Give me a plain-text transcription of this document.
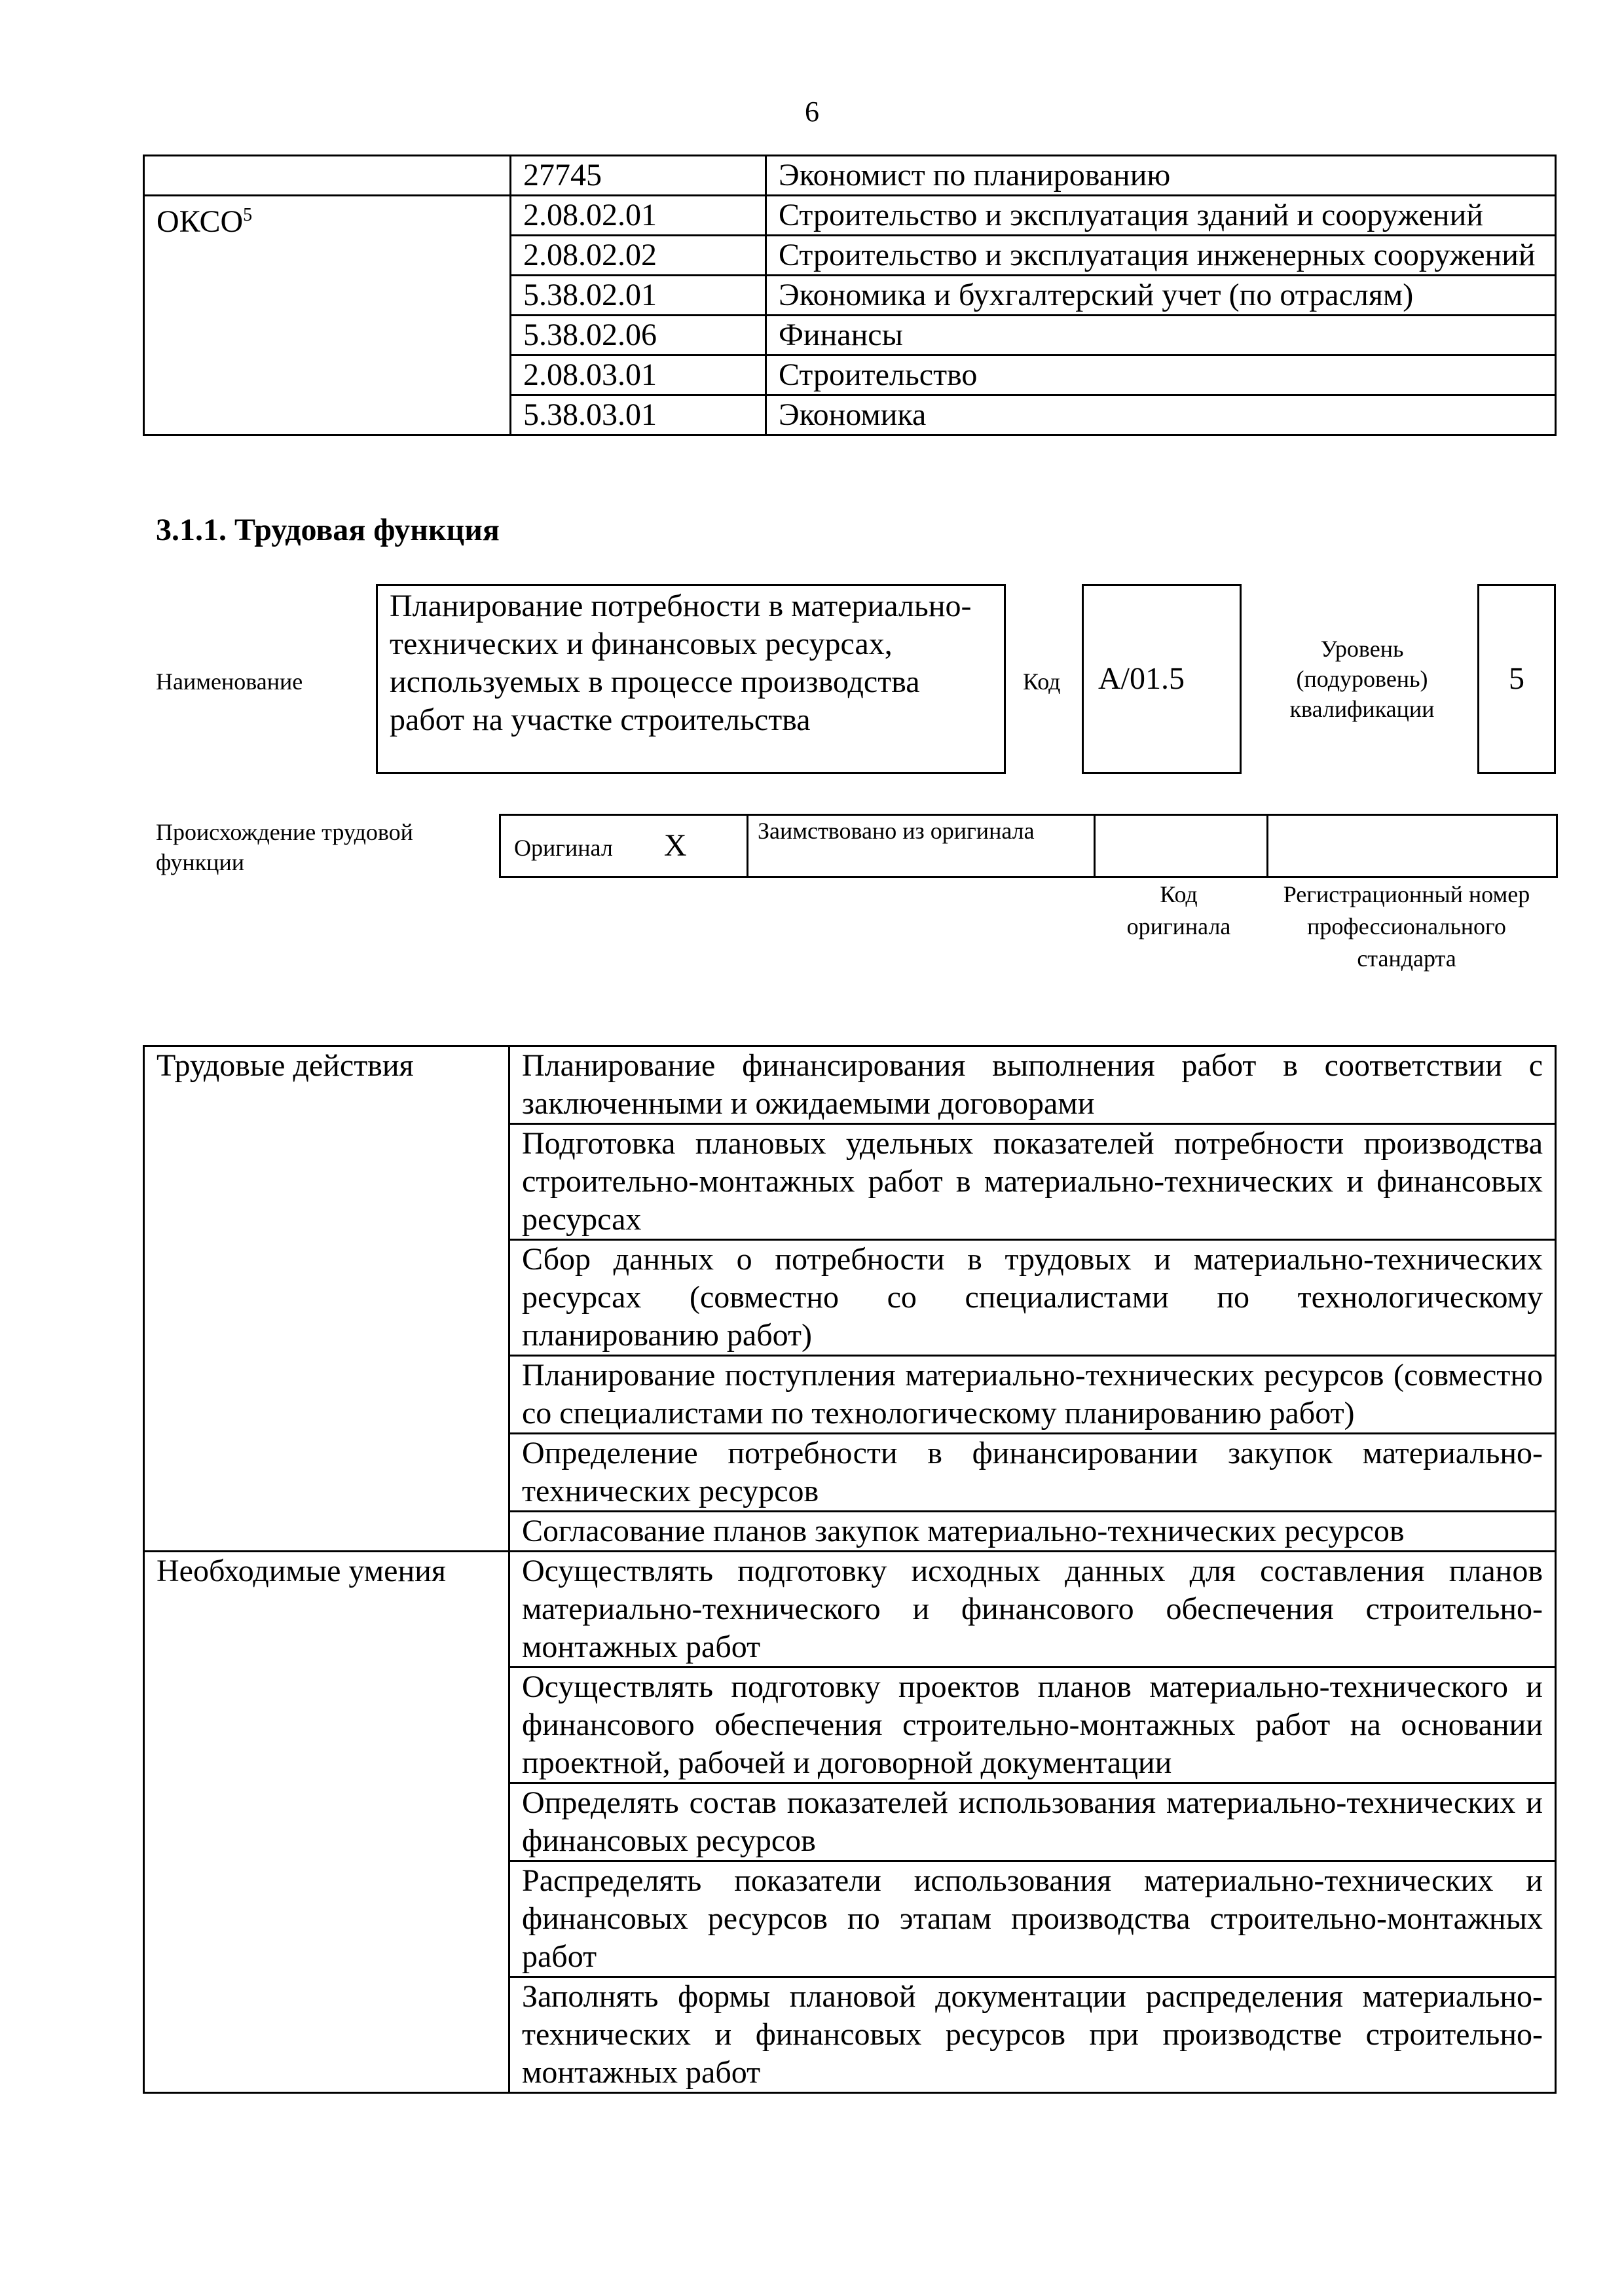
6
	27745	Экономист по планированию
ОКСО$^5$	2.08.02.01	Строительство и эксплуатация зданий и сооружений
	2.08.02.02	Строительство и эксплуатация инженерных сооружений
	5.38.02.01	Экономика и бухгалтерский учет (по отраслям)
	5.38.02.06	Финансы
	2.08.03.01	Строительство
	5.38.03.01	Экономика
3.1.1. Трудовая функция
Наименование
Планирование потребности в материально-технических и финансовых ресурсах, используемых в процессе производства работ на участке строительства
Код	А/01.5
Уровень (подуровень) квалификации
5
Происхождение трудовой функции
Оригинал X	Заимствовано из оригинала		
Код оригинала
Регистрационный номер профессионального стандарта
Трудовые действия	Планирование финансирования выполнения работ в соответствии с заключенными и ожидаемыми договорами
	Подготовка плановых удельных показателей потребности производства строительно-монтажных работ в материально-технических и финансовых ресурсах
	Сбор данных о потребности в трудовых и материально-технических ресурсах (совместно со специалистами по технологическому планированию работ)
	Планирование поступления материально-технических ресурсов (совместно со специалистами по технологическому планированию работ)
	Определение потребности в финансировании закупок материально-технических ресурсов
	Согласование планов закупок материально-технических ресурсов
Необходимые умения	Осуществлять подготовку исходных данных для составления планов материально-технического и финансового обеспечения строительно-монтажных работ
	Осуществлять подготовку проектов планов материально-технического и финансового обеспечения строительно-монтажных работ на основании проектной, рабочей и договорной документации
	Определять состав показателей использования материально-технических и финансовых ресурсов
	Распределять показатели использования материально-технических и финансовых ресурсов по этапам производства строительно-монтажных работ
	Заполнять формы плановой документации распределения материально-технических и финансовых ресурсов при производстве строительно-монтажных работ
